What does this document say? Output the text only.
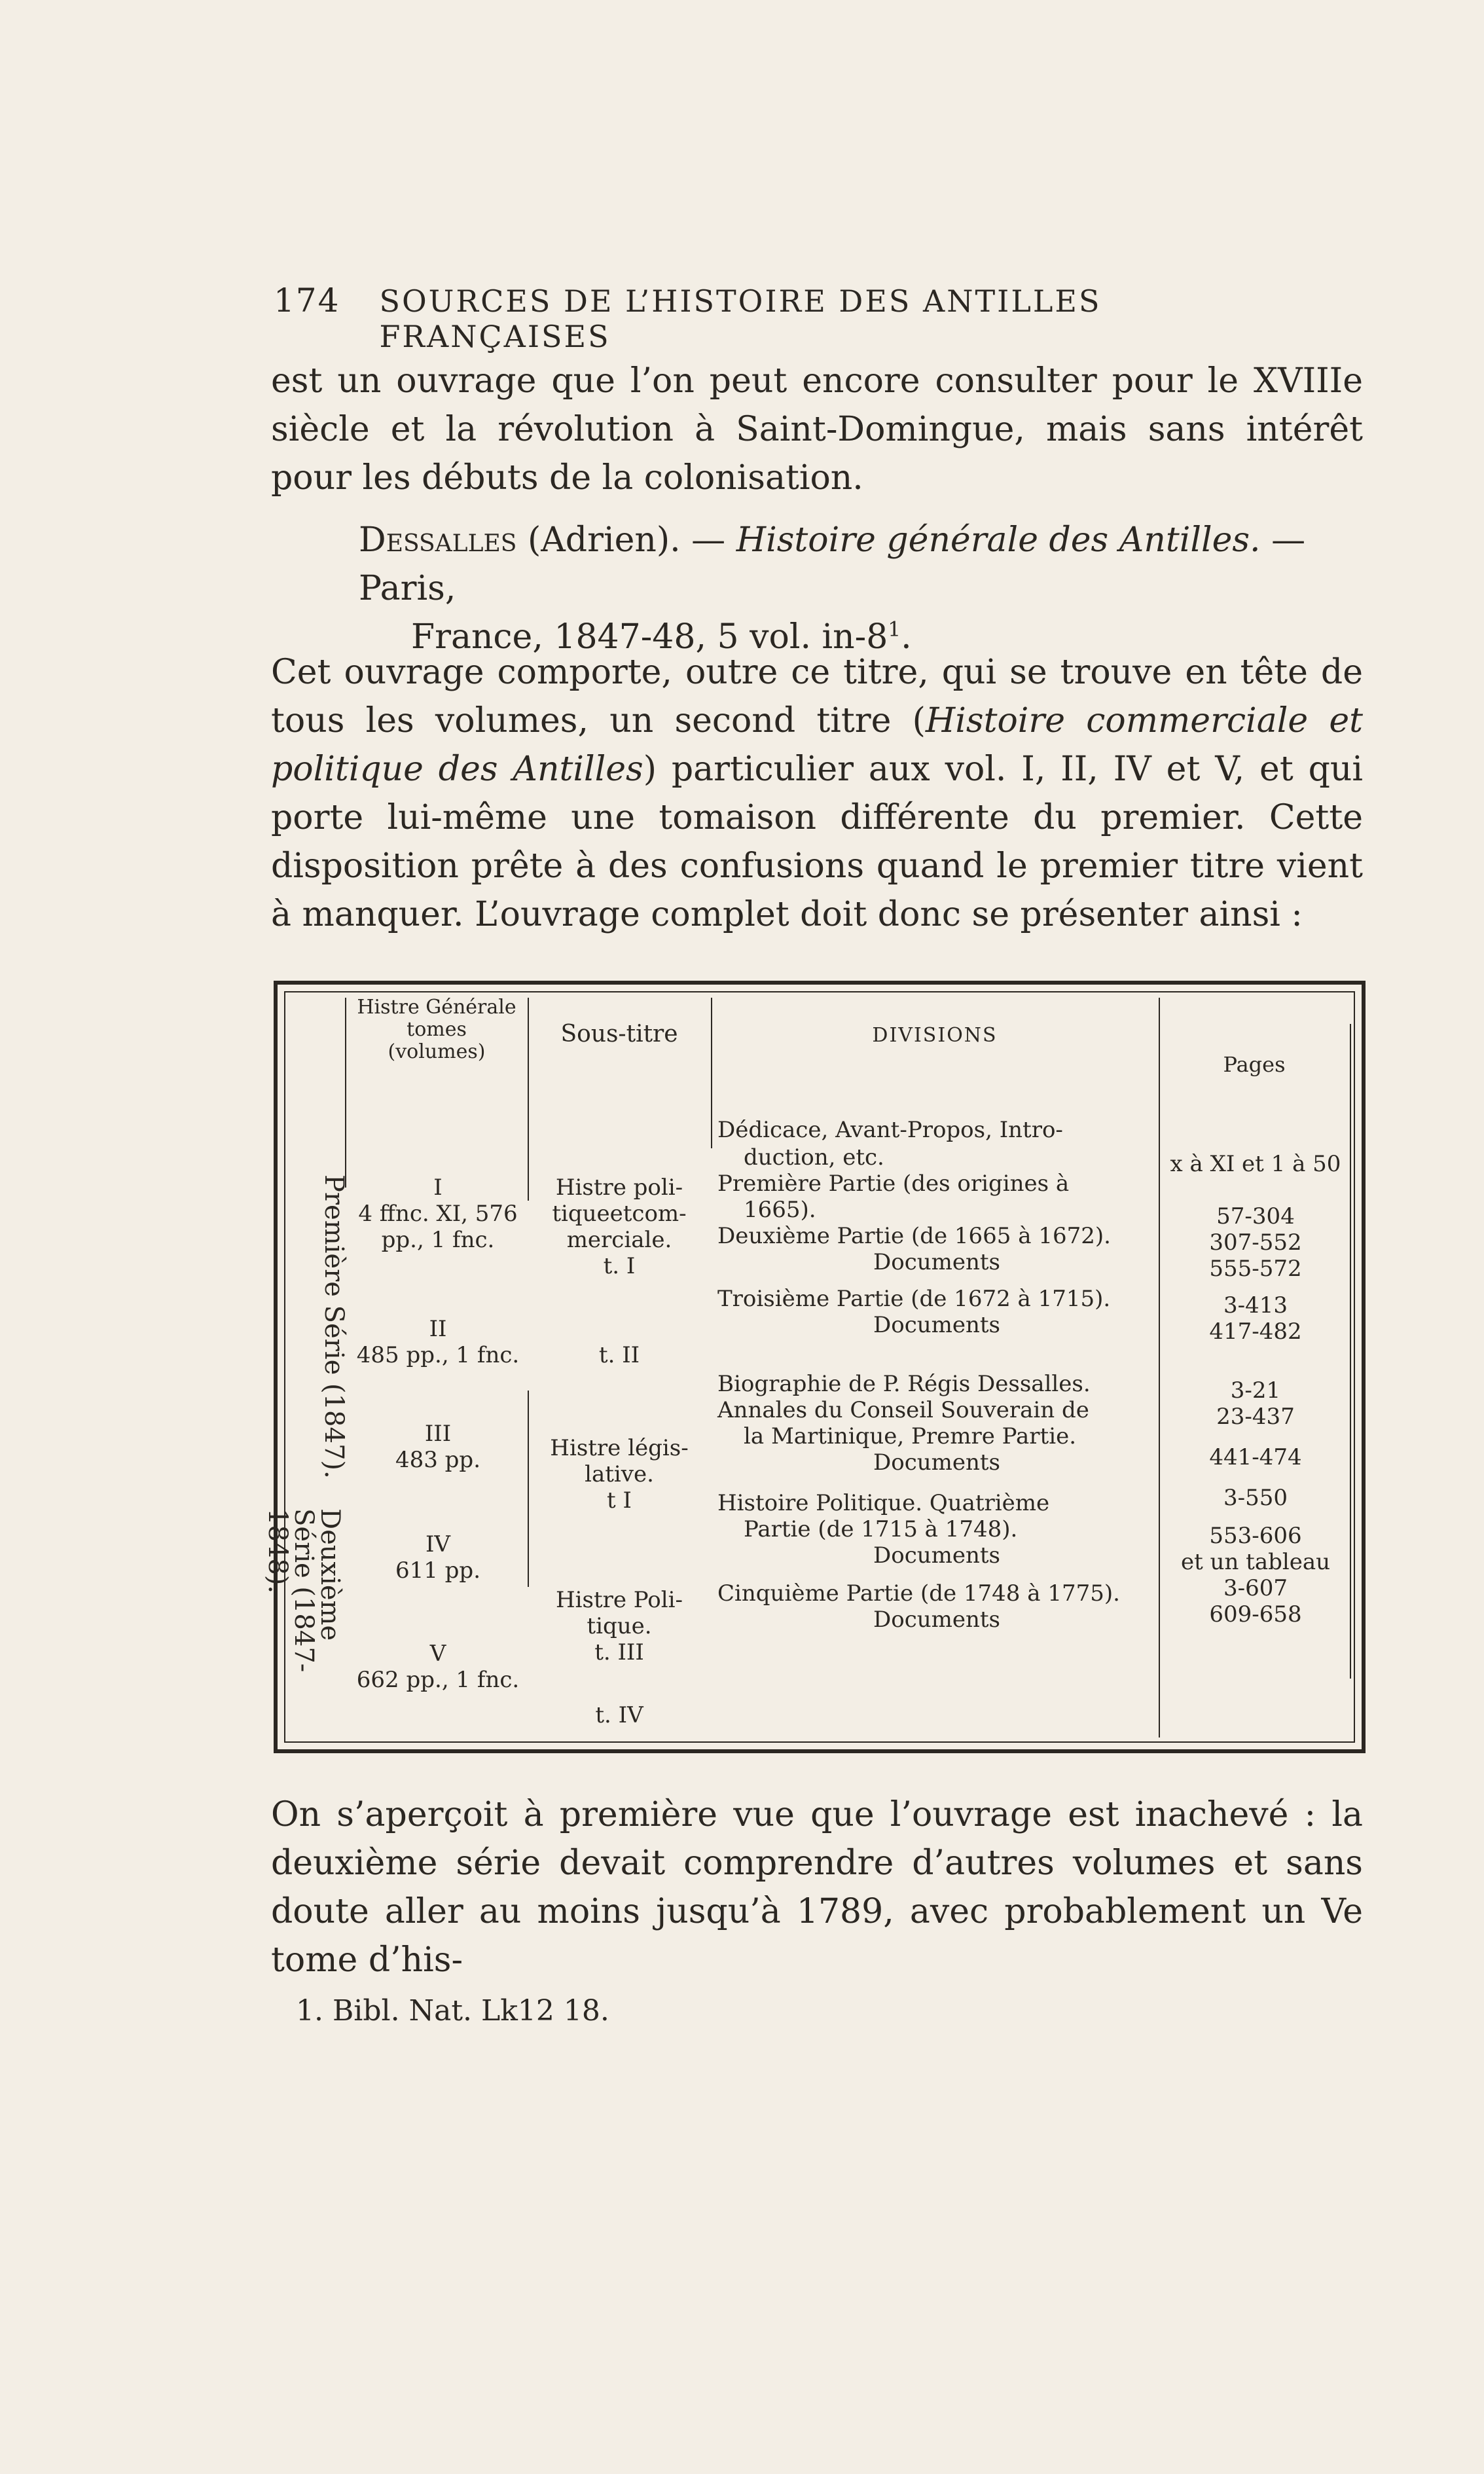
174 SOURCES DE L’HISTOIRE DES ANTILLES FRANÇAISES

est un ouvrage que l’on peut encore consulter pour le XVIIIe siècle et la révolution à Saint-Domingue, mais sans intérêt pour les débuts de la colonisation.

Dessalles (Adrien). — Histoire générale des Antilles. — Paris,
France, 1847-48, 5 vol. $in-8^1$.

Cet ouvrage comporte, outre ce titre, qui se trouve en tête de tous les volumes, un second titre (Histoire commerciale et politique des Antilles) particulier aux vol. I, II, IV et V, et qui porte lui-même une tomaison différente du premier. Cette disposition prête à des confusions quand le premier titre vient à manquer. L’ouvrage complet doit donc se présenter ainsi :

Histre Générale
tomes
(volumes)
Sous-titre	DIVISIONS
Pages
Première Série (1847).
Deuxième Série (1847-1848).
I
4 ffnc. XI, 576
pp., 1 fnc.
II
485 pp., 1 fnc.
III
483 pp.
IV
611 pp.
V
662 pp., 1 fnc.
Histre poli-
tiqueetcom-
merciale.
t. I
t. II
Histre légis-
lative.
t I
Histre Poli-
tique.
t. III
t. IV
Dédicace, Avant-Propos, Intro-
duction, etc.
Première Partie (des origines à
1665).
Deuxième Partie (de 1665 à 1672).
Documents
Troisième Partie (de 1672 à 1715).
Documents
Biographie de P. Régis Dessalles.
Annales du Conseil Souverain de
la Martinique, Premre Partie.
Documents
Histoire Politique. Quatrième
Partie (de 1715 à 1748).
Documents
Cinquième Partie (de 1748 à 1775).
Documents
x à XI et 1 à 50
57-304
307-552
555-572
3-413
417-482
3-21
23-437
441-474
3-550
553-606
et un tableau
3-607
609-658

On s’aperçoit à première vue que l’ouvrage est inachevé : la deuxième série devait comprendre d’autres volumes et sans doute aller au moins jusqu’à 1789, avec probablement un Ve tome d’his-

1. Bibl. Nat. Lk12 18.
